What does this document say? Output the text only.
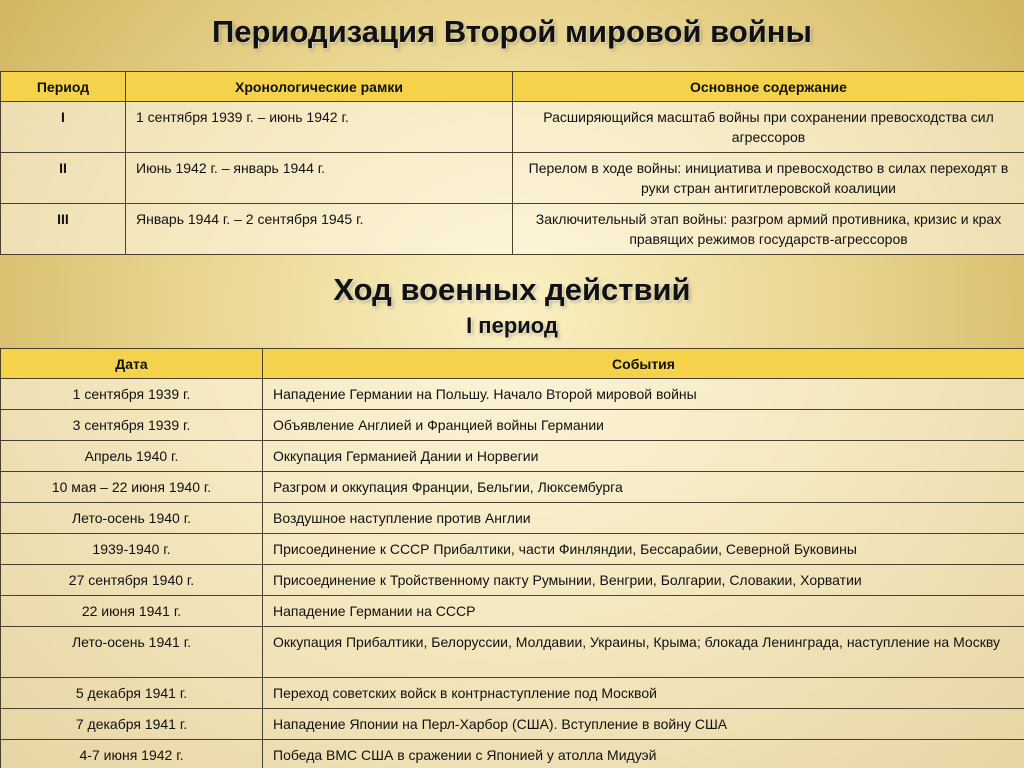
Периодизация Второй мировой войны
Период	Хронологические рамки	Основное содержание
I	1 сентября 1939 г. – июнь 1942 г.	Расширяющийся масштаб войны при сохранении превосходства сил агрессоров
II	Июнь 1942 г. – январь 1944 г.	Перелом в ходе войны: инициатива и превосходство в силах переходят в руки стран антигитлеровской коалиции
III	Январь 1944 г. – 2 сентября 1945 г.	Заключительный этап войны: разгром армий противника, кризис и крах правящих режимов государств-агрессоров
Ход военных действий
I период
Дата	События
1 сентября 1939 г.	Нападение Германии на Польшу. Начало Второй мировой войны
3 сентября 1939 г.	Объявление Англией и Францией войны Германии
Апрель 1940 г.	Оккупация Германией Дании и Норвегии
10 мая – 22 июня 1940 г.	Разгром и оккупация Франции, Бельгии, Люксембурга
Лето-осень 1940 г.	Воздушное наступление против Англии
1939-1940 г.	Присоединение к СССР Прибалтики, части Финляндии, Бессарабии, Северной Буковины
27 сентября 1940 г.	Присоединение к Тройственному пакту Румынии, Венгрии, Болгарии, Словакии, Хорватии
22 июня 1941 г.	Нападение Германии на СССР
Лето-осень 1941 г.	Оккупация Прибалтики, Белоруссии, Молдавии, Украины, Крыма; блокада Ленинграда, наступление на Москву
5 декабря 1941 г.	Переход советских войск в контрнаступление под Москвой
7 декабря 1941 г.	Нападение Японии на Перл-Харбор (США). Вступление в войну США
4-7 июня 1942 г.	Победа ВМС США в сражении с Японией у атолла Мидуэй
